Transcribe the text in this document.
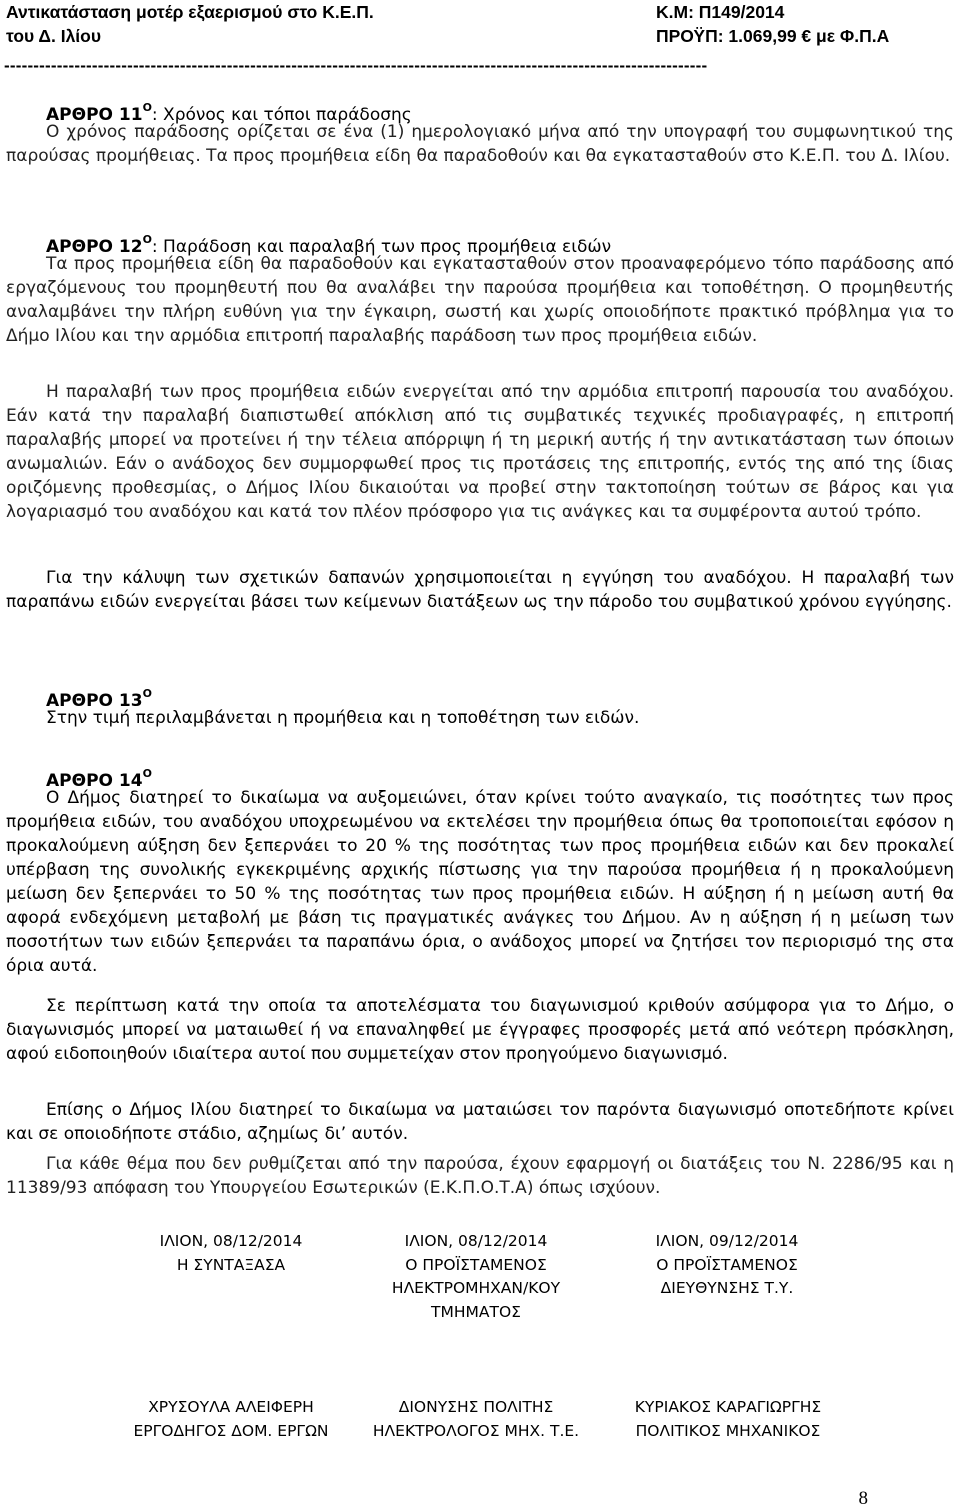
Αντικατάσταση μοτέρ εξαερισμού στο Κ.Ε.Π.	Κ.Μ: Π149/2014
του Δ. Ιλίου	ΠΡΟΫΠ: 1.069,99 € με Φ.Π.Α
------------------------------------------------------------------------------------------------------------------------
ΑΡΘΡΟ $11^O$: Χρόνος και τόποι παράδοσης
Ο χρόνος παράδοσης ορίζεται σε ένα (1) ημερολογιακό μήνα από την υπογραφή του συμφωνητικού της παρούσας προμήθειας. Τα προς προμήθεια είδη θα παραδοθούν και θα εγκατασταθούν στο Κ.Ε.Π. του Δ. Ιλίου.
ΑΡΘΡΟ $12^O$: Παράδοση και παραλαβή των προς προμήθεια ειδών
Τα προς προμήθεια είδη θα παραδοθούν και εγκατασταθούν στον προαναφερόμενο τόπο παράδοσης από εργαζόμενους του προμηθευτή που θα αναλάβει την παρούσα προμήθεια και τοποθέτηση. Ο προμηθευτής αναλαμβάνει την πλήρη ευθύνη για την έγκαιρη, σωστή και χωρίς οποιοδήποτε πρακτικό πρόβλημα για το Δήμο Ιλίου και την αρμόδια επιτροπή παραλαβής παράδοση των προς προμήθεια ειδών.
Η παραλαβή των προς προμήθεια ειδών ενεργείται από την αρμόδια επιτροπή παρουσία του αναδόχου. Εάν κατά την παραλαβή διαπιστωθεί απόκλιση από τις συμβατικές τεχνικές προδιαγραφές, η επιτροπή παραλαβής μπορεί να προτείνει ή την τέλεια απόρριψη ή τη μερική αυτής ή την αντικατάσταση των όποιων ανωμαλιών. Εάν ο ανάδοχος δεν συμμορφωθεί προς τις προτάσεις της επιτροπής, εντός της από της ίδιας οριζόμενης προθεσμίας, ο Δήμος Ιλίου δικαιούται να προβεί στην τακτοποίηση τούτων σε βάρος και για λογαριασμό του αναδόχου και κατά τον πλέον πρόσφορο για τις ανάγκες και τα συμφέροντα αυτού τρόπο.
Για την κάλυψη των σχετικών δαπανών χρησιμοποιείται η εγγύηση του αναδόχου. Η παραλαβή των παραπάνω ειδών ενεργείται βάσει των κείμενων διατάξεων ως την πάροδο του συμβατικού χρόνου εγγύησης.
ΑΡΘΡΟ $13^O$
Στην τιμή περιλαμβάνεται η προμήθεια και η τοποθέτηση των ειδών.
ΑΡΘΡΟ $14^O$
Ο Δήμος διατηρεί το δικαίωμα να αυξομειώνει, όταν κρίνει τούτο αναγκαίο, τις ποσότητες των προς προμήθεια ειδών, του αναδόχου υποχρεωμένου να εκτελέσει την προμήθεια όπως θα τροποποιείται εφόσον η προκαλούμενη αύξηση δεν ξεπερνάει το 20 % της ποσότητας των προς προμήθεια ειδών και δεν προκαλεί υπέρβαση της συνολικής εγκεκριμένης αρχικής πίστωσης για την παρούσα προμήθεια ή η προκαλούμενη μείωση δεν ξεπερνάει το 50 % της ποσότητας των προς προμήθεια ειδών. Η αύξηση ή η μείωση αυτή θα αφορά ενδεχόμενη μεταβολή με βάση τις πραγματικές ανάγκες του Δήμου. Αν η αύξηση ή η μείωση των ποσοτήτων των ειδών ξεπερνάει τα παραπάνω όρια, ο ανάδοχος μπορεί να ζητήσει τον περιορισμό της στα όρια αυτά.
Σε περίπτωση κατά την οποία τα αποτελέσματα του διαγωνισμού κριθούν ασύμφορα για το Δήμο, ο διαγωνισμός μπορεί να ματαιωθεί ή να επαναληφθεί με έγγραφες προσφορές μετά από νεότερη πρόσκληση, αφού ειδοποιηθούν ιδιαίτερα αυτοί που συμμετείχαν στον προηγούμενο διαγωνισμό.
Επίσης ο Δήμος Ιλίου διατηρεί το δικαίωμα να ματαιώσει τον παρόντα διαγωνισμό οποτεδήποτε κρίνει και σε οποιοδήποτε στάδιο, αζημίως δι’ αυτόν.
Για κάθε θέμα που δεν ρυθμίζεται από την παρούσα, έχουν εφαρμογή οι διατάξεις του Ν. 2286/95 και η 11389/93 απόφαση του Υπουργείου Εσωτερικών (Ε.Κ.Π.Ο.Τ.Α) όπως ισχύουν.
ΙΛΙΟΝ, 08/12/2014
Η ΣΥΝΤΑΞΑΣΑ
ΙΛΙΟΝ, 08/12/2014
Ο ΠΡΟΪΣΤΑΜΕΝΟΣ
ΗΛΕΚΤΡΟΜΗΧΑΝ/ΚΟΥ
ΤΜΗΜΑΤΟΣ
ΙΛΙΟΝ, 09/12/2014
Ο ΠΡΟΪΣΤΑΜΕΝΟΣ
ΔΙΕΥΘΥΝΣΗΣ Τ.Υ.
ΧΡΥΣΟΥΛΑ ΑΛΕΙΦΕΡΗ
ΕΡΓΟΔΗΓΟΣ ΔΟΜ. ΕΡΓΩΝ
ΔΙΟΝΥΣΗΣ ΠΟΛΙΤΗΣ
ΗΛΕΚΤΡΟΛΟΓΟΣ ΜΗΧ. Τ.Ε.
ΚΥΡΙΑΚΟΣ ΚΑΡΑΓΙΩΡΓΗΣ
ΠΟΛΙΤΙΚΟΣ ΜΗΧΑΝΙΚΟΣ
8
